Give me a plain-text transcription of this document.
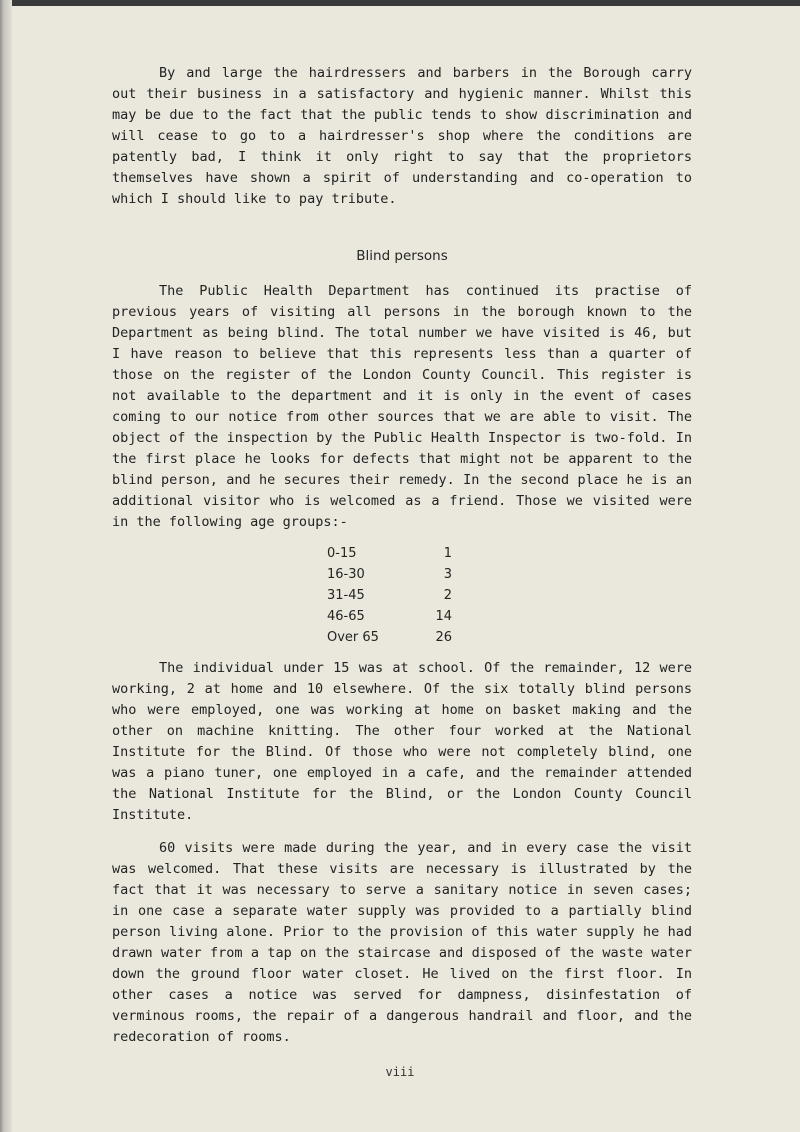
By and large the hairdressers and barbers in the Borough carry out their business in a satisfactory and hygienic manner. Whilst this may be due to the fact that the public tends to show discrimination and will cease to go to a hairdresser's shop where the conditions are patently bad, I think it only right to say that the proprietors themselves have shown a spirit of understanding and co-operation to which I should like to pay tribute.

Blind persons

The Public Health Department has continued its practise of previous years of visiting all persons in the borough known to the Department as being blind. The total number we have visited is 46, but I have reason to believe that this represents less than a quarter of those on the register of the London County Council. This register is not available to the department and it is only in the event of cases coming to our notice from other sources that we are able to visit. The object of the inspection by the Public Health Inspector is two-fold. In the first place he looks for defects that might not be apparent to the blind person, and he secures their remedy. In the second place he is an additional visitor who is welcomed as a friend. Those we visited were in the following age groups:-

0-15	1
16-30	3
31-45	2
46-65	14
Over 65	26

The individual under 15 was at school. Of the remainder, 12 were working, 2 at home and 10 elsewhere. Of the six totally blind persons who were employed, one was working at home on basket making and the other on machine knitting. The other four worked at the National Institute for the Blind. Of those who were not completely blind, one was a piano tuner, one employed in a cafe, and the remainder attended the National Institute for the Blind, or the London County Council Institute.

60 visits were made during the year, and in every case the visit was welcomed. That these visits are necessary is illustrated by the fact that it was necessary to serve a sanitary notice in seven cases; in one case a separate water supply was provided to a partially blind person living alone. Prior to the provision of this water supply he had drawn water from a tap on the staircase and disposed of the waste water down the ground floor water closet. He lived on the first floor. In other cases a notice was served for dampness, disinfestation of verminous rooms, the repair of a dangerous handrail and floor, and the redecoration of rooms.

viii
